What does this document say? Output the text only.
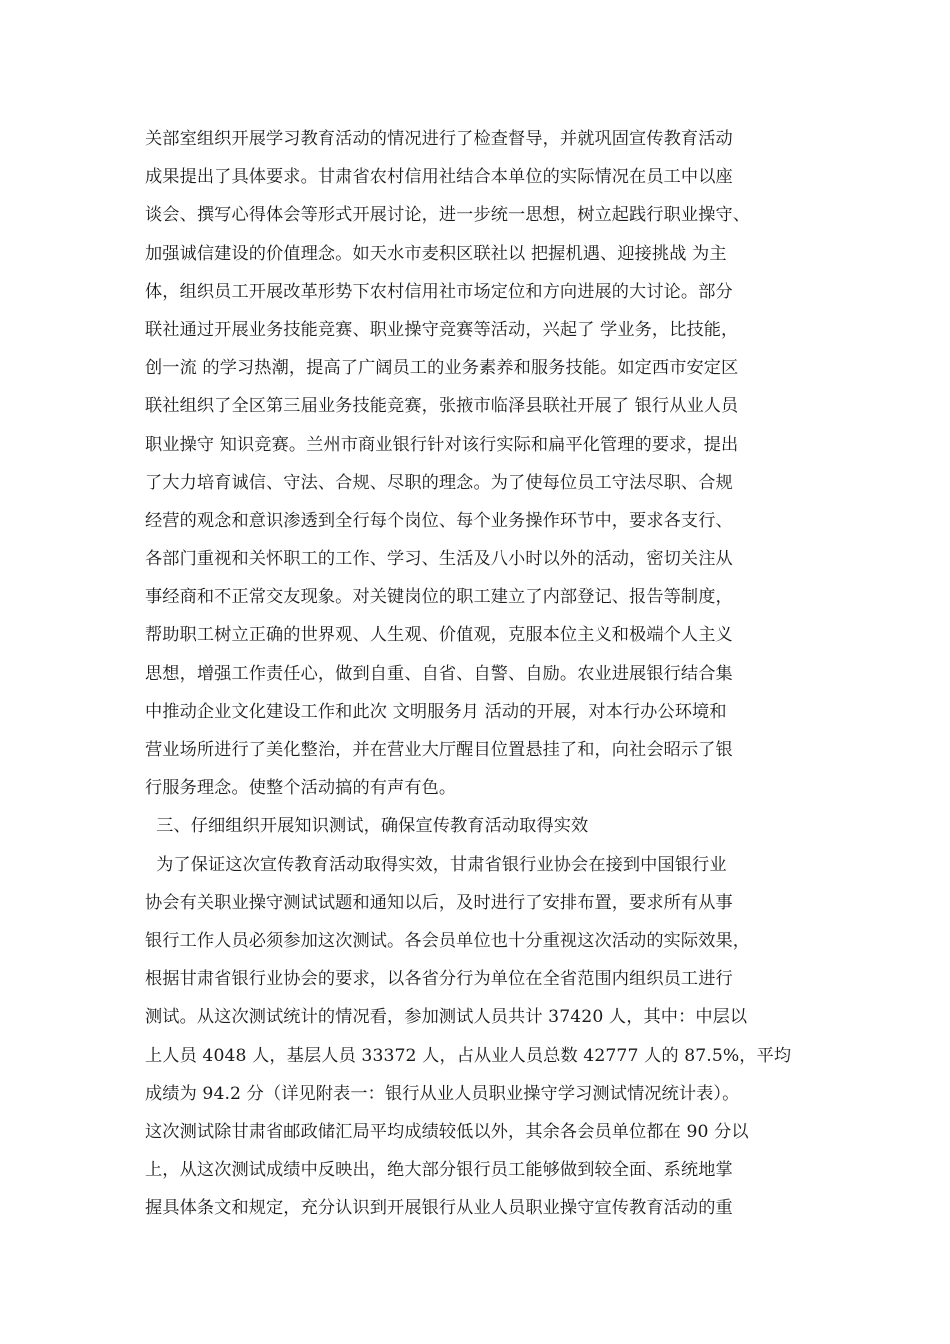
关部室组织开展学习教育活动的情况进行了检查督导，并就巩固宣传教育活动
成果提出了具体要求。甘肃省农村信用社结合本单位的实际情况在员工中以座
谈会、撰写心得体会等形式开展讨论，进一步统一思想，树立起践行职业操守、
加强诚信建设的价值理念。如天水市麦积区联社以 把握机遇、迎接挑战 为主
体，组织员工开展改革形势下农村信用社市场定位和方向进展的大讨论。部分
联社通过开展业务技能竞赛、职业操守竞赛等活动，兴起了 学业务，比技能，
创一流 的学习热潮，提高了广阔员工的业务素养和服务技能。如定西市安定区
联社组织了全区第三届业务技能竞赛，张掖市临泽县联社开展了 银行从业人员
职业操守 知识竞赛。兰州市商业银行针对该行实际和扁平化管理的要求，提出
了大力培育诚信、守法、合规、尽职的理念。为了使每位员工守法尽职、合规
经营的观念和意识渗透到全行每个岗位、每个业务操作环节中，要求各支行、
各部门重视和关怀职工的工作、学习、生活及八小时以外的活动，密切关注从
事经商和不正常交友现象。对关键岗位的职工建立了内部登记、报告等制度，
帮助职工树立正确的世界观、人生观、价值观，克服本位主义和极端个人主义
思想，增强工作责任心，做到自重、自省、自警、自励。农业进展银行结合集
中推动企业文化建设工作和此次 文明服务月 活动的开展，对本行办公环境和
营业场所进行了美化整治，并在营业大厅醒目位置悬挂了和，向社会昭示了银
行服务理念。使整个活动搞的有声有色。
三、仔细组织开展知识测试，确保宣传教育活动取得实效
为了保证这次宣传教育活动取得实效，甘肃省银行业协会在接到中国银行业
协会有关职业操守测试试题和通知以后，及时进行了安排布置，要求所有从事
银行工作人员必须参加这次测试。各会员单位也十分重视这次活动的实际效果，
根据甘肃省银行业协会的要求，以各省分行为单位在全省范围内组织员工进行
测试。从这次测试统计的情况看，参加测试人员共计 37420 人，其中：中层以
上人员 4048 人，基层人员 33372 人，占从业人员总数 42777 人的 87.5%，平均
成绩为 94.2 分（详见附表一：银行从业人员职业操守学习测试情况统计表）。
这次测试除甘肃省邮政储汇局平均成绩较低以外，其余各会员单位都在 90 分以
上，从这次测试成绩中反映出，绝大部分银行员工能够做到较全面、系统地掌
握具体条文和规定，充分认识到开展银行从业人员职业操守宣传教育活动的重
